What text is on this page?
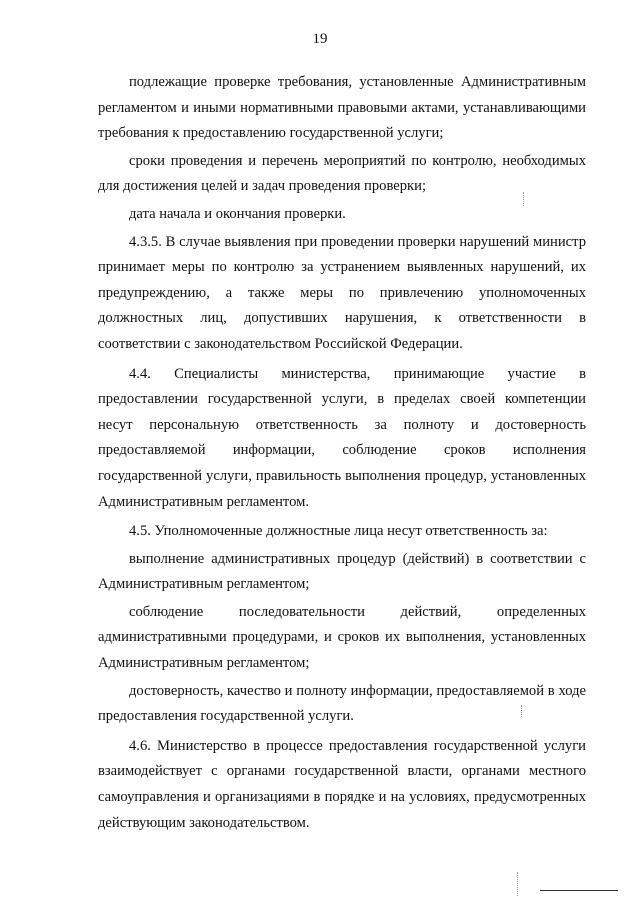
19

подлежащие проверке требования, установленные Административным регламентом и иными нормативными правовыми актами, устанавливающими требования к предоставлению государственной услуги;

сроки проведения и перечень мероприятий по контролю, необходимых для достижения целей и задач проведения проверки;

дата начала и окончания проверки.

4.3.5. В случае выявления при проведении проверки нарушений министр принимает меры по контролю за устранением выявленных нарушений, их предупреждению, а также меры по привлечению уполномоченных должностных лиц, допустивших нарушения, к ответственности в соответствии с законодательством Российской Федерации.

4.4. Специалисты министерства, принимающие участие в предоставлении государственной услуги, в пределах своей компетенции несут персональную ответственность за полноту и достоверность предоставляемой информации, соблюдение сроков исполнения государственной услуги, правильность выполнения процедур, установленных Административным регламентом.

4.5. Уполномоченные должностные лица несут ответственность за:

выполнение административных процедур (действий) в соответствии с Административным регламентом;

соблюдение последовательности действий, определенных административными процедурами, и сроков их выполнения, установленных Административным регламентом;

достоверность, качество и полноту информации, предоставляемой в ходе предоставления государственной услуги.

4.6. Министерство в процессе предоставления государственной услуги взаимодействует с органами государственной власти, органами местного самоуправления и организациями в порядке и на условиях, предусмотренных действующим законодательством.
